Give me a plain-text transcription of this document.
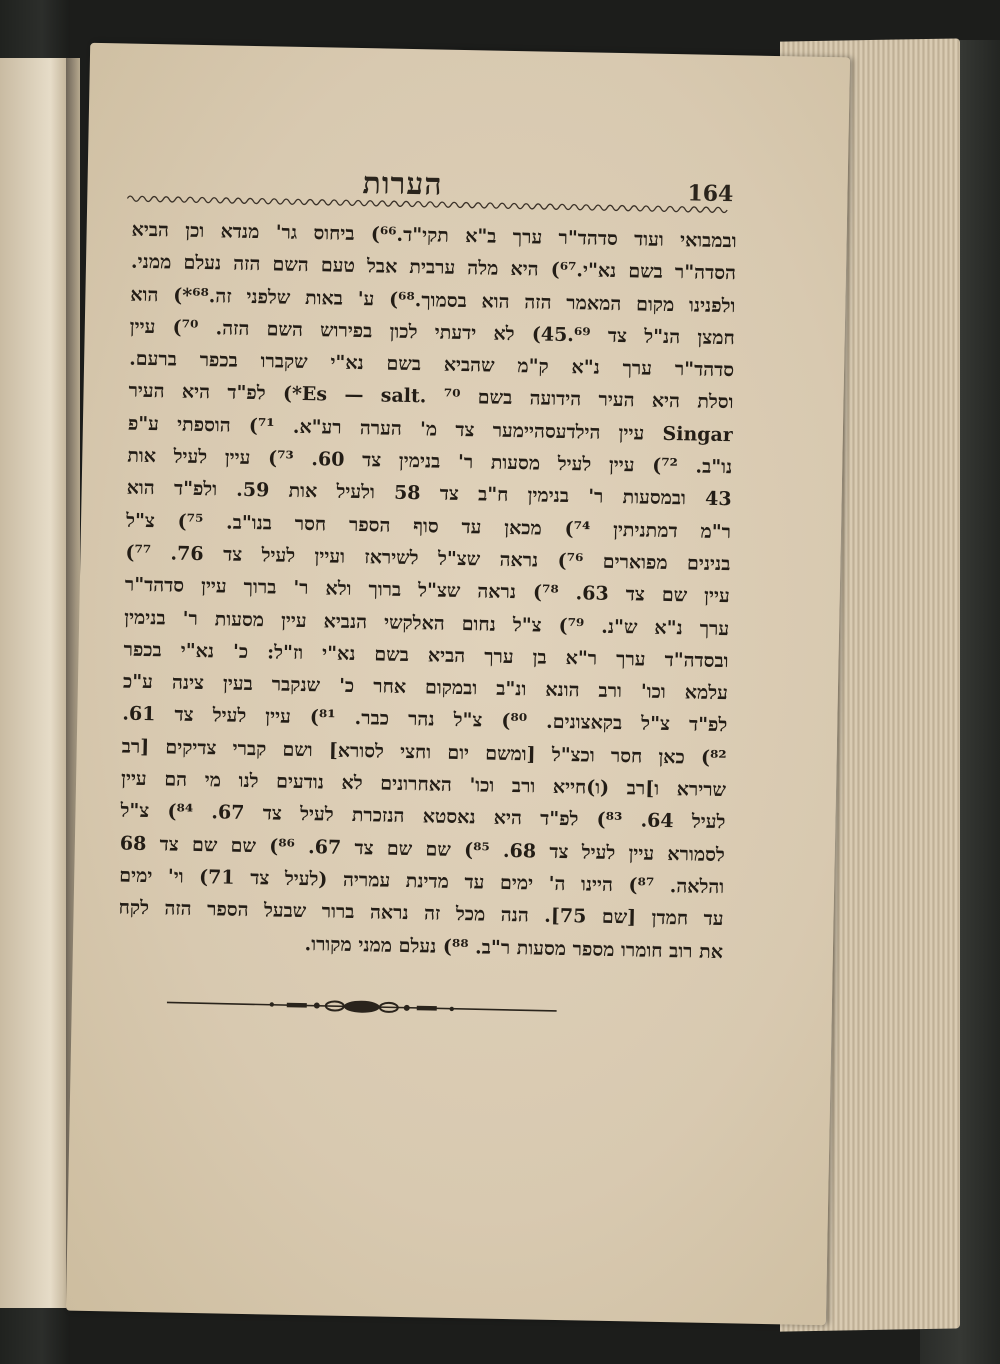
הערות	164
ובמבואי ועוד סדהד"ר ערך ב"א תקי"ד.⁶⁶) ביחוס גר' מנדא וכן הביא
הסדה"ר בשם נא"י.⁶⁷) היא מלה ערבית אבל טעם השם הזה נעלם ממני.
ולפנינו מקום המאמר הזה הוא בסמוך.⁶⁸) ע' באות שלפני זה.⁶⁸*) הוא
חמצן הנ"ל צד 45.⁶⁹) לא ידעתי לכון בפירוש השם הזה. ⁷⁰) עיין
סדהד"ר ערך נ"א ק"מ שהביא בשם נא"י שקברו בכפר ברעם.
וסלת היא העיר הידועה בשם Es — salt. ⁷⁰*) לפ"ד היא העיר
Singar עיין הילדעסהיימער צד מ' הערה רע"א. ⁷¹) הוספתי ע"פ
נו"ב. ⁷²) עיין לעיל מסעות ר' בנימין צד 60. ⁷³) עיין לעיל אות
43 ובמסעות ר' בנימין ח"ב צד 58 ולעיל אות 59. ולפ"ד הוא
ר"מ דמתניתין ⁷⁴) מכאן עד סוף הספר חסר בנו"ב. ⁷⁵) צ"ל
בנינים מפוארים ⁷⁶) נראה שצ"ל לשיראז ועיין לעיל צד 76. ⁷⁷)
עיין שם צד 63. ⁷⁸) נראה שצ"ל ברוך ולא ר' ברוך עיין סדהד"ר
ערך נ"א ש"נ. ⁷⁹) צ"ל נחום האלקשי הנביא עיין מסעות ר' בנימין
ובסדה"ד ערך ר"א בן ערך הביא בשם נא"י וז"ל: כ' נא"י בכפר
עלמא וכו' ורב הונא ונ"ב ובמקום אחר כ' שנקבר בעין צינה ע"כ
לפ"ד צ"ל בקאצונים. ⁸⁰) צ"ל נהר כבר. ⁸¹) עיין לעיל צד 61.
⁸²) כאן חסר וכצ"ל [ומשם יום וחצי לסורא] ושם קברי צדיקים [רב
שרירא ו]רב (ו)חייא ורב וכו' האחרונים לא נודעים לנו מי הם עיין
לעיל 64. ⁸³) לפ"ד היא נאסטא הנזכרת לעיל צד 67. ⁸⁴) צ"ל
לסמורא עיין לעיל צד 68. ⁸⁵) שם שם צד 67. ⁸⁶) שם שם צד 68
והלאה. ⁸⁷) היינו ה' ימים עד מדינת עמריה (לעיל צד 71) וי' ימים
עד חמדן [שם 75]. הנה מכל זה נראה ברור שבעל הספר הזה לקח
את רוב חומרו מספר מסעות ר"ב. ⁸⁸) נעלם ממני מקורו.
